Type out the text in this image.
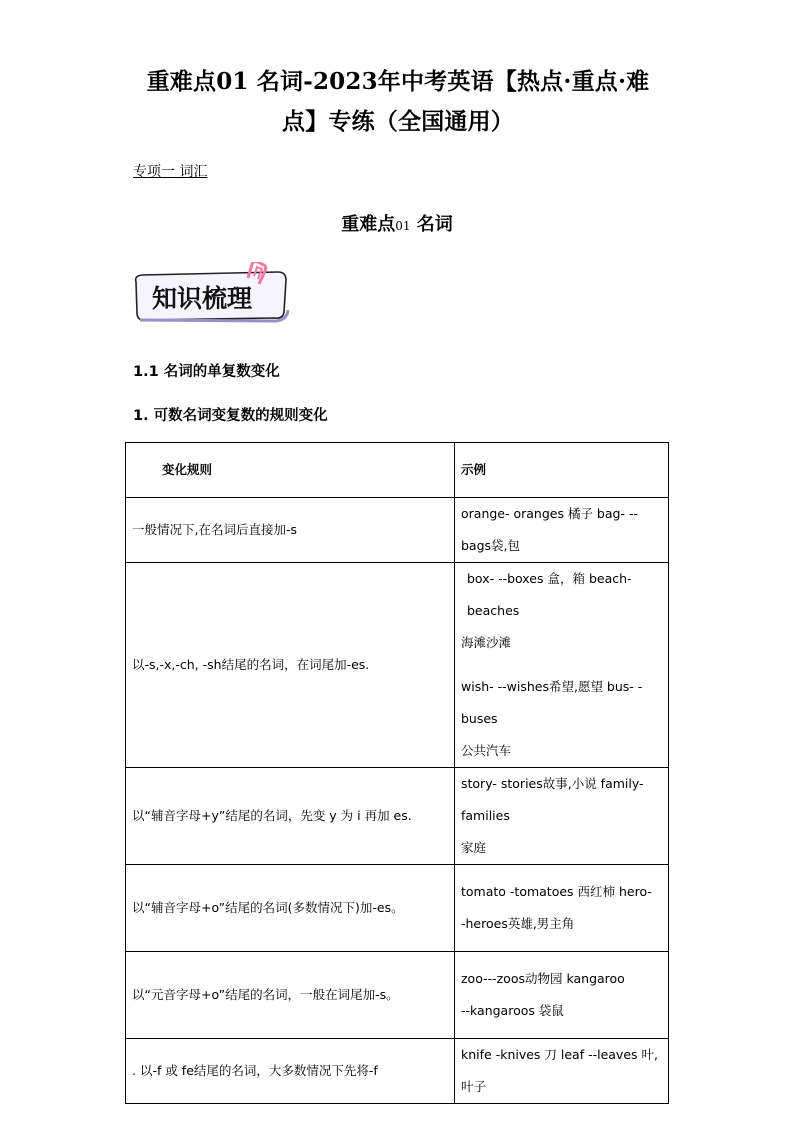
重难点01 名词-2023年中考英语【热点·重点·难
点】专练（全国通用）
专项一 词汇
重难点01 名词
知识梳理
1.1 名词的单复数变化
1. 可数名词变复数的规则变化
变化规则	示例
一般情况下,在名词后直接加-s	orange- oranges 橘子 bag- --bags袋,包

以-s,-x,-ch, -sh结尾的名词，在词尾加-es.	box- --boxes 盒，箱 beach- beaches
海滩沙滩
wish- --wishes希望,愿望 bus- -buses
公共汽车

以“辅音字母+y”结尾的名词，先变 y 为 i 再加 es.	story- stories故事,小说 family-families
家庭

以“辅音字母+o”结尾的名词(多数情况下)加-es。	tomato -tomatoes 西红柿 hero-
-heroes英雄,男主角

以“元音字母+o”结尾的名词，一般在词尾加-s。	zoo---zoos动物园 kangaroo
--kangaroos 袋鼠

. 以-f 或 fe结尾的名词，大多数情况下先将-f	knife -knives 刀 leaf --leaves 叶,叶子
